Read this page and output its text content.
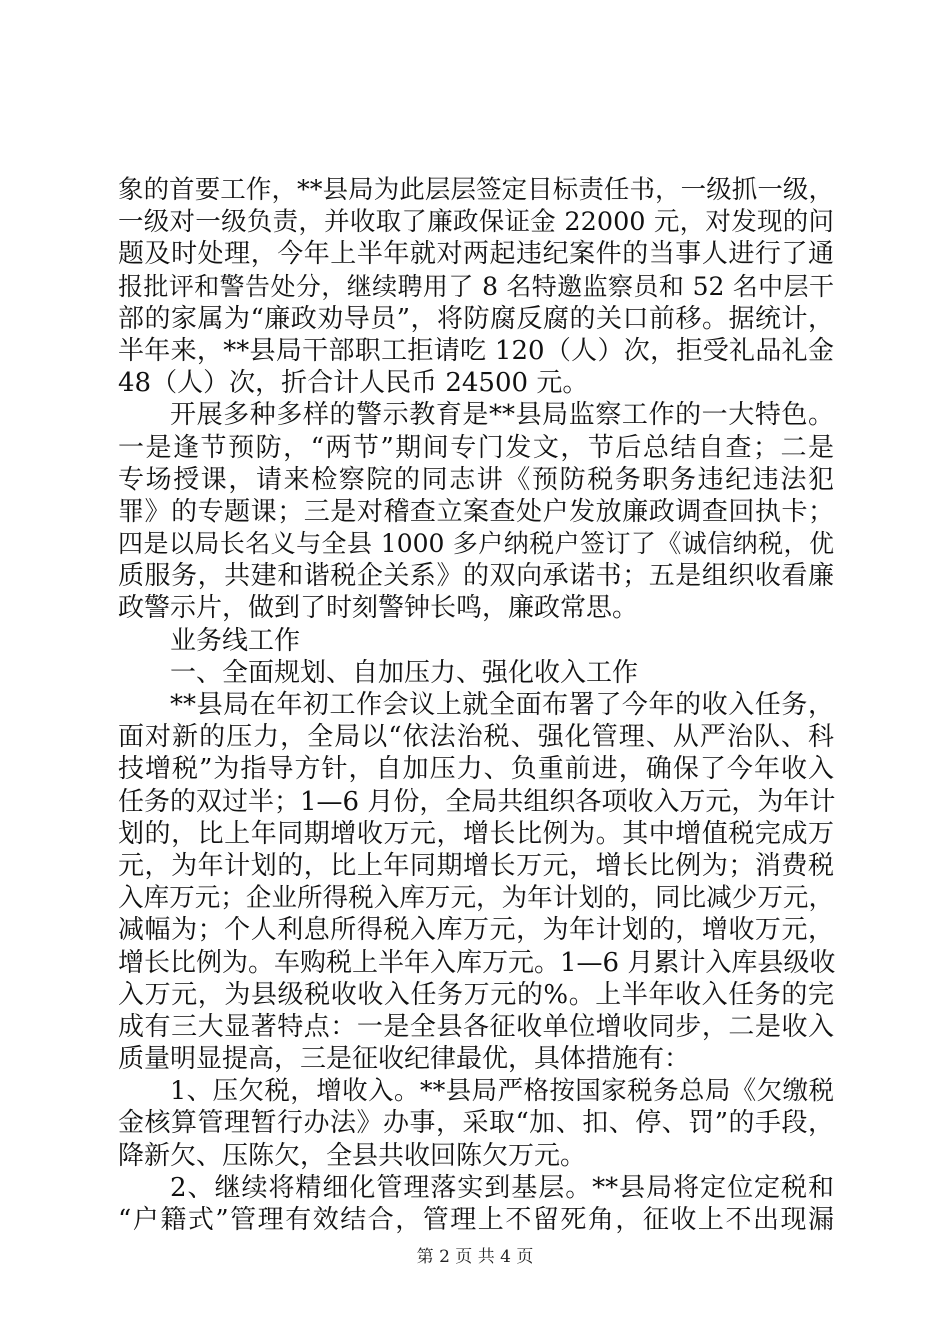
象的首要工作，**县局为此层层签定目标责任书，一级抓一级，
一级对一级负责，并收取了廉政保证金 22000 元，对发现的问
题及时处理，今年上半年就对两起违纪案件的当事人进行了通
报批评和警告处分，继续聘用了 8 名特邀监察员和 52 名中层干
部的家属为“廉政劝导员”，将防腐反腐的关口前移。据统计，
半年来，**县局干部职工拒请吃 120（人）次，拒受礼品礼金
48（人）次，折合计人民币 24500 元。
开展多种多样的警示教育是**县局监察工作的一大特色。
一是逢节预防，“两节”期间专门发文，节后总结自查；二是
专场授课，请来检察院的同志讲《预防税务职务违纪违法犯
罪》的专题课；三是对稽查立案查处户发放廉政调查回执卡；
四是以局长名义与全县 1000 多户纳税户签订了《诚信纳税，优
质服务，共建和谐税企关系》的双向承诺书；五是组织收看廉
政警示片，做到了时刻警钟长鸣，廉政常思。
业务线工作
一、全面规划、自加压力、强化收入工作
**县局在年初工作会议上就全面布署了今年的收入任务，
面对新的压力，全局以“依法治税、强化管理、从严治队、科
技增税”为指导方针，自加压力、负重前进，确保了今年收入
任务的双过半；1—6 月份，全局共组织各项收入万元，为年计
划的，比上年同期增收万元，增长比例为。其中增值税完成万
元，为年计划的，比上年同期增长万元，增长比例为；消费税
入库万元；企业所得税入库万元，为年计划的，同比减少万元，
减幅为；个人利息所得税入库万元，为年计划的，增收万元，
增长比例为。车购税上半年入库万元。1—6 月累计入库县级收
入万元，为县级税收收入任务万元的%。上半年收入任务的完
成有三大显著特点：一是全县各征收单位增收同步，二是收入
质量明显提高，三是征收纪律最优，具体措施有：
1、压欠税，增收入。**县局严格按国家税务总局《欠缴税
金核算管理暂行办法》办事，采取“加、扣、停、罚”的手段，
降新欠、压陈欠，全县共收回陈欠万元。
2、继续将精细化管理落实到基层。**县局将定位定税和
“户籍式”管理有效结合，管理上不留死角，征收上不出现漏
第 2 页 共 4 页
